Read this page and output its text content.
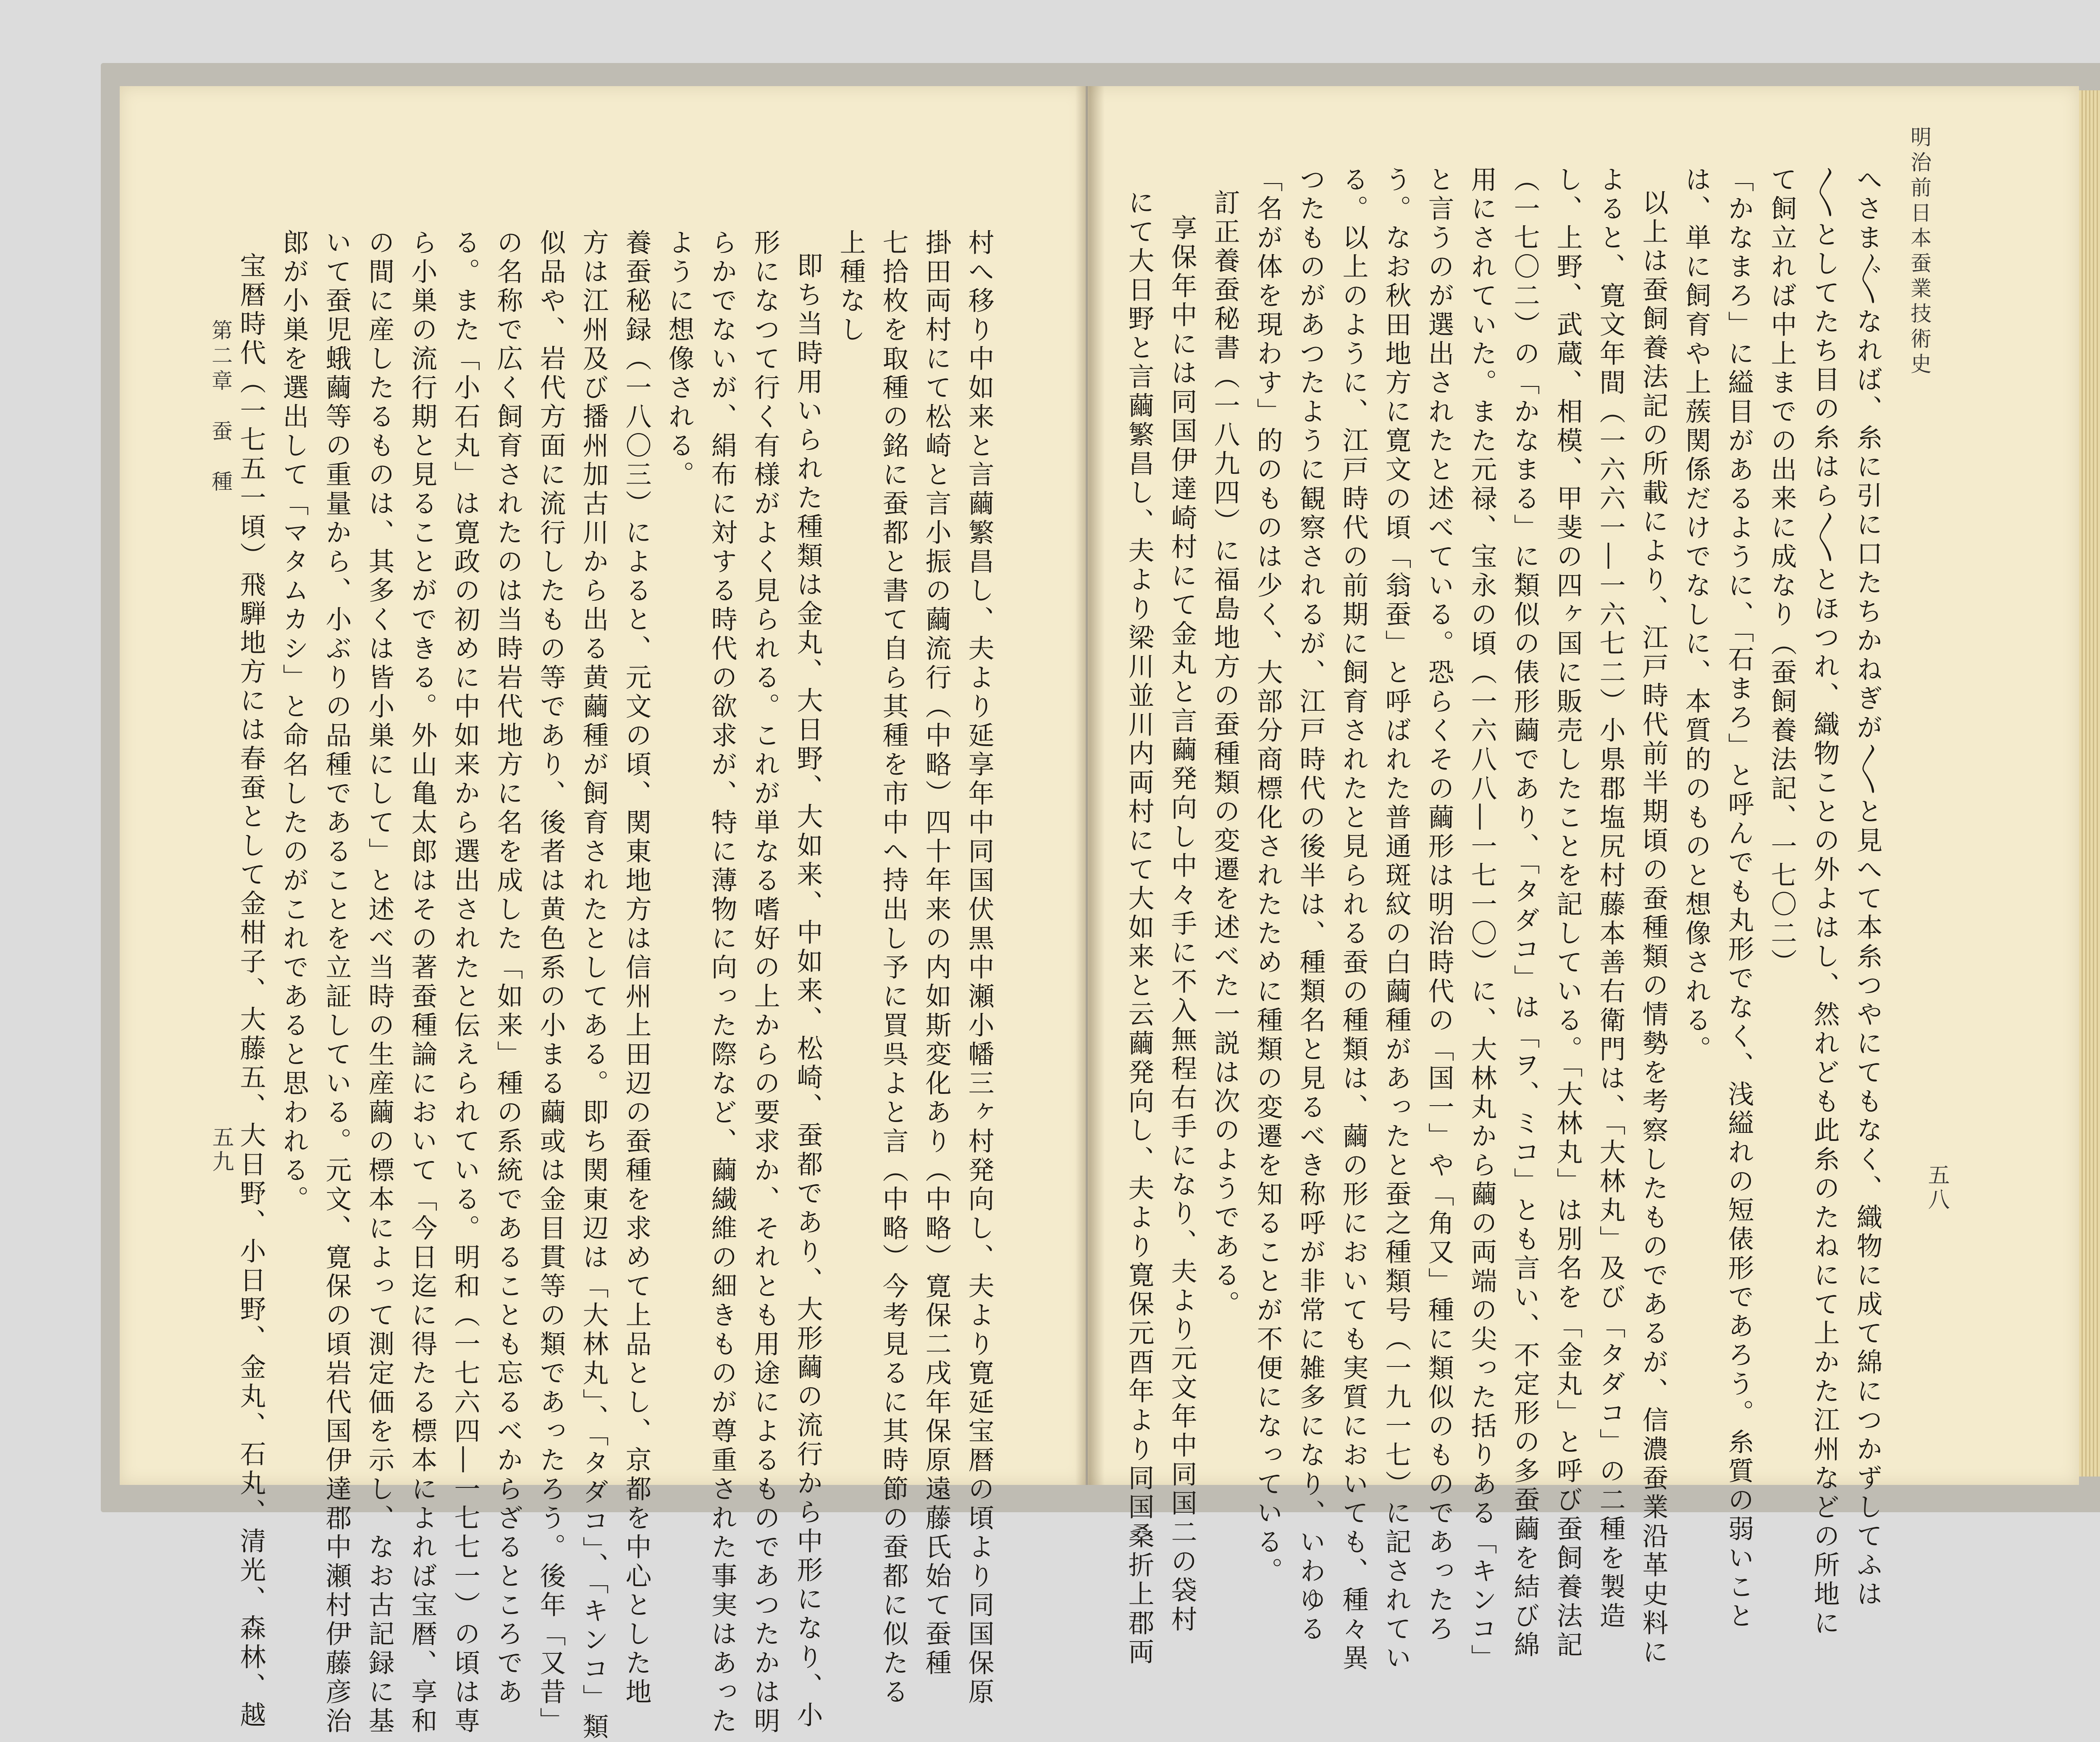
明治前日本蚕業技術史
五八
へさま〴〵なれば、糸に引に口たちかねぎが〳〵と見へて本糸つやにてもなく、織物に成て綿につかずしてふは
〳〵としてたち目の糸はら〳〵とほつれ、織物ことの外よはし、然れども此糸のたねにて上かた江州などの所地に
て飼立れば中上までの出来に成なり（蚕飼養法記、一七〇二）
「かなまろ」に縊目があるように、「石まろ」と呼んでも丸形でなく、浅縊れの短俵形であろう。糸質の弱いこと
は、単に飼育や上蔟関係だけでなしに、本質的のものと想像される。
以上は蚕飼養法記の所載により、江戸時代前半期頃の蚕種類の情勢を考察したものであるが、信濃蚕業沿革史料に
よると、寛文年間（一六六一―一六七二）小県郡塩尻村藤本善右衛門は、「大林丸」及び「タダコ」の二種を製造
し、上野、武蔵、相模、甲斐の四ヶ国に販売したことを記している。「大林丸」は別名を「金丸」と呼び蚕飼養法記
（一七〇二）の「かなまる」に類似の俵形繭であり、「タダコ」は「ヲ、ミコ」とも言い、不定形の多蚕繭を結び綿
用にされていた。また元禄、宝永の頃（一六八八―一七一〇）に、大林丸から繭の両端の尖った括りある「キンコ」
と言うのが選出されたと述べている。恐らくその繭形は明治時代の「国一」や「角又」種に類似のものであったろ
う。なお秋田地方に寛文の頃「翁蚕」と呼ばれた普通斑紋の白繭種があったと蚕之種類号（一九一七）に記されてい
る。以上のように、江戸時代の前期に飼育されたと見られる蚕の種類は、繭の形においても実質においても、種々異
つたものがあつたように観察されるが、江戸時代の後半は、種類名と見るべき称呼が非常に雑多になり、いわゆる
「名が体を現わす」的のものは少く、大部分商標化されたために種類の変遷を知ることが不便になっている。
訂正養蚕秘書（一八九四）に福島地方の蚕種類の変遷を述べた一説は次のようである。
享保年中には同国伊達崎村にて金丸と言繭発向し中々手に不入無程右手になり、夫より元文年中同国二の袋村
にて大日野と言繭繁昌し、夫より梁川並川内両村にて大如来と云繭発向し、夫より寛保元酉年より同国桑折上郡両
村へ移り中如来と言繭繁昌し、夫より延享年中同国伏黒中瀬小幡三ヶ村発向し、夫より寛延宝暦の頃より同国保原
掛田両村にて松崎と言小振の繭流行（中略）四十年来の内如斯変化あり（中略）寛保二戌年保原遠藤氏始て蚕種
七拾枚を取種の銘に蚕都と書て自ら其種を市中へ持出し予に買呉よと言（中略）今考見るに其時節の蚕都に似たる
上種なし
即ち当時用いられた種類は金丸、大日野、大如来、中如来、松崎、蚕都であり、大形繭の流行から中形になり、小
形になつて行く有様がよく見られる。これが単なる嗜好の上からの要求か、それとも用途によるものであつたかは明
らかでないが、絹布に対する時代の欲求が、特に薄物に向った際など、繭繊維の細きものが尊重された事実はあった
ように想像される。
養蚕秘録（一八〇三）によると、元文の頃、関東地方は信州上田辺の蚕種を求めて上品とし、京都を中心とした地
方は江州及び播州加古川から出る黄繭種が飼育されたとしてある。即ち関東辺は「大林丸」、「タダコ」、「キンコ」類
似品や、岩代方面に流行したもの等であり、後者は黄色系の小まる繭或は金目貫等の類であったろう。後年「又昔」
の名称で広く飼育されたのは当時岩代地方に名を成した「如来」種の系統であることも忘るべからざるところであ
る。また「小石丸」は寛政の初めに中如来から選出されたと伝えられている。明和（一七六四―一七七一）の頃は専
ら小巣の流行期と見ることができる。外山亀太郎はその著蚕種論において「今日迄に得たる標本によれば宝暦、享和
の間に産したるものは、其多くは皆小巣にして」と述べ当時の生産繭の標本によって測定価を示し、なお古記録に基
いて蚕児蛾繭等の重量から、小ぶりの品種であることを立証している。元文、寛保の頃岩代国伊達郡中瀬村伊藤彦治
郎が小巣を選出して「マタムカシ」と命名したのがこれであると思われる。
宝暦時代（一七五一頃）飛騨地方には春蚕として金柑子、大藤五、大日野、小日野、金丸、石丸、清光、森林、越
第二章　蚕　種
五九
